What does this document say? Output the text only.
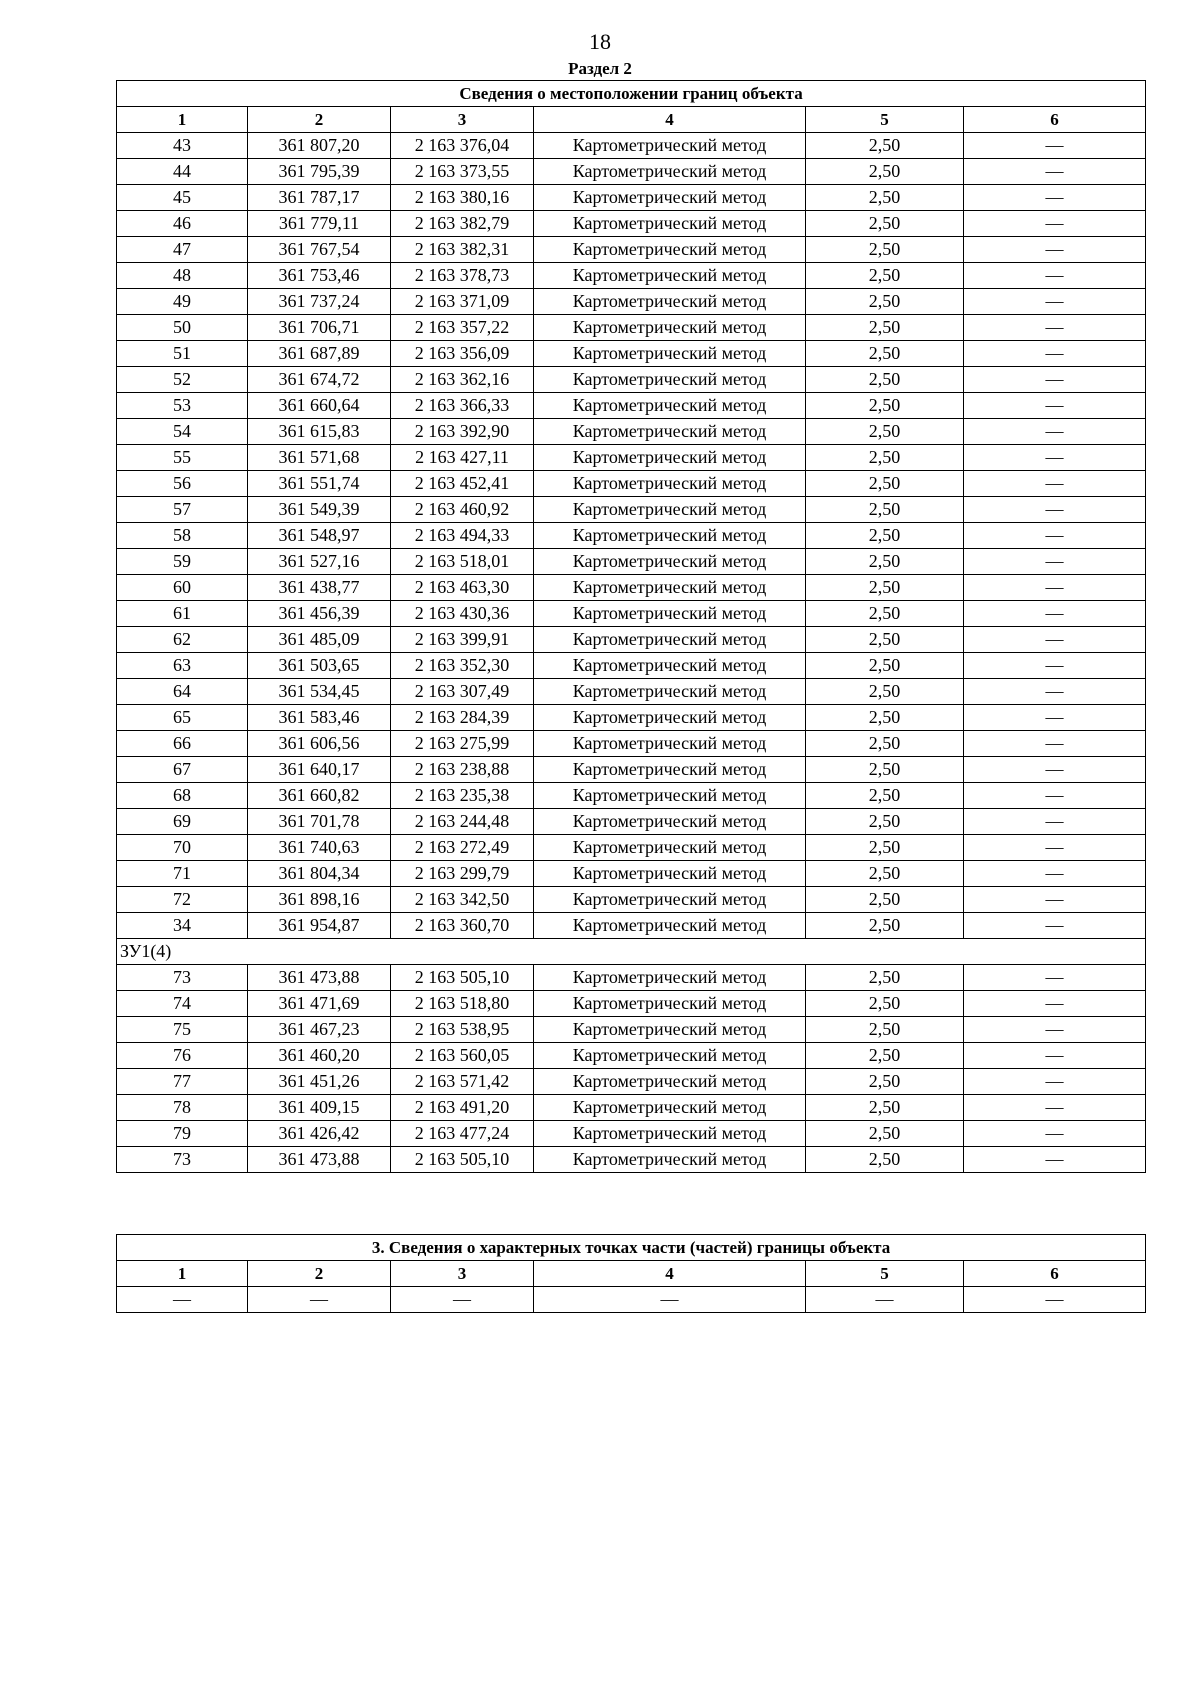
18
Раздел 2
Сведения о местоположении границ объекта					
1	2	3	4	5	6
43	361 807,20	2 163 376,04	Картометрический метод	2,50	—
44	361 795,39	2 163 373,55	Картометрический метод	2,50	—
45	361 787,17	2 163 380,16	Картометрический метод	2,50	—
46	361 779,11	2 163 382,79	Картометрический метод	2,50	—
47	361 767,54	2 163 382,31	Картометрический метод	2,50	—
48	361 753,46	2 163 378,73	Картометрический метод	2,50	—
49	361 737,24	2 163 371,09	Картометрический метод	2,50	—
50	361 706,71	2 163 357,22	Картометрический метод	2,50	—
51	361 687,89	2 163 356,09	Картометрический метод	2,50	—
52	361 674,72	2 163 362,16	Картометрический метод	2,50	—
53	361 660,64	2 163 366,33	Картометрический метод	2,50	—
54	361 615,83	2 163 392,90	Картометрический метод	2,50	—
55	361 571,68	2 163 427,11	Картометрический метод	2,50	—
56	361 551,74	2 163 452,41	Картометрический метод	2,50	—
57	361 549,39	2 163 460,92	Картометрический метод	2,50	—
58	361 548,97	2 163 494,33	Картометрический метод	2,50	—
59	361 527,16	2 163 518,01	Картометрический метод	2,50	—
60	361 438,77	2 163 463,30	Картометрический метод	2,50	—
61	361 456,39	2 163 430,36	Картометрический метод	2,50	—
62	361 485,09	2 163 399,91	Картометрический метод	2,50	—
63	361 503,65	2 163 352,30	Картометрический метод	2,50	—
64	361 534,45	2 163 307,49	Картометрический метод	2,50	—
65	361 583,46	2 163 284,39	Картометрический метод	2,50	—
66	361 606,56	2 163 275,99	Картометрический метод	2,50	—
67	361 640,17	2 163 238,88	Картометрический метод	2,50	—
68	361 660,82	2 163 235,38	Картометрический метод	2,50	—
69	361 701,78	2 163 244,48	Картометрический метод	2,50	—
70	361 740,63	2 163 272,49	Картометрический метод	2,50	—
71	361 804,34	2 163 299,79	Картометрический метод	2,50	—
72	361 898,16	2 163 342,50	Картометрический метод	2,50	—
34	361 954,87	2 163 360,70	Картометрический метод	2,50	—
ЗУ1(4)					
73	361 473,88	2 163 505,10	Картометрический метод	2,50	—
74	361 471,69	2 163 518,80	Картометрический метод	2,50	—
75	361 467,23	2 163 538,95	Картометрический метод	2,50	—
76	361 460,20	2 163 560,05	Картометрический метод	2,50	—
77	361 451,26	2 163 571,42	Картометрический метод	2,50	—
78	361 409,15	2 163 491,20	Картометрический метод	2,50	—
79	361 426,42	2 163 477,24	Картометрический метод	2,50	—
73	361 473,88	2 163 505,10	Картометрический метод	2,50	—
3. Сведения о характерных точках части (частей) границы объекта					
1	2	3	4	5	6
—	—	—	—	—	—
